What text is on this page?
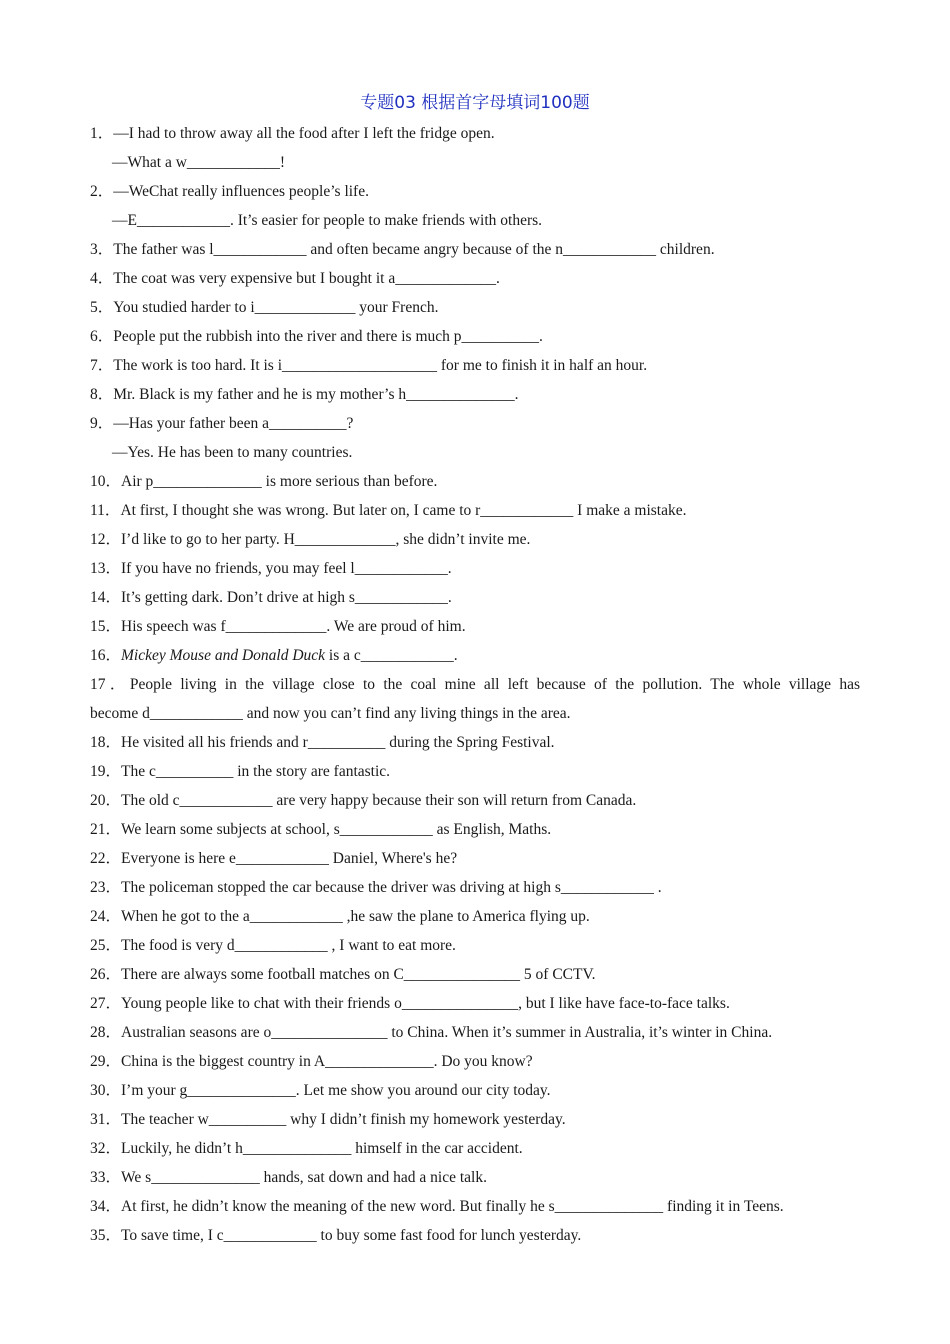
专题03 根据首字母填词100题
1．—I had to throw away all the food after I left the fridge open.
—What a w____________!
2．—WeChat really influences people’s life.
—E____________. It’s easier for people to make friends with others.
3．The father was l____________ and often became angry because of the n____________ children.
4．The coat was very expensive but I bought it a_____________.
5．You studied harder to i_____________ your French.
6．People put the rubbish into the river and there is much p__________.
7．The work is too hard. It is i____________________ for me to finish it in half an hour.
8．Mr. Black is my father and he is my mother’s h______________.
9．—Has your father been a__________?
—Yes. He has been to many countries.
10．Air p______________ is more serious than before.
11．At first, I thought she was wrong. But later on, I came to r____________ I make a mistake.
12．I’d like to go to her party. H_____________, she didn’t invite me.
13．If you have no friends, you may feel l____________.
14．It’s getting dark. Don’t drive at high s____________.
15．His speech was f_____________. We are proud of him.
16．Mickey Mouse and Donald Duck is a c____________.
17．People living in the village close to the coal mine all left because of the pollution. The whole village has
become d____________ and now you can’t find any living things in the area.
18．He visited all his friends and r__________ during the Spring Festival.
19．The c__________ in the story are fantastic.
20．The old c____________ are very happy because their son will return from Canada.
21．We learn some subjects at school, s____________ as English, Maths.
22．Everyone is here e____________ Daniel, Where's he?
23．The policeman stopped the car because the driver was driving at high s____________ .
24．When he got to the a____________ ,he saw the plane to America flying up.
25．The food is very d____________ , I want to eat more.
26．There are always some football matches on C_______________ 5 of CCTV.
27．Young people like to chat with their friends o_______________, but I like have face-to-face talks.
28．Australian seasons are o_______________ to China. When it’s summer in Australia, it’s winter in China.
29．China is the biggest country in A______________. Do you know?
30．I’m your g______________. Let me show you around our city today.
31．The teacher w__________ why I didn’t finish my homework yesterday.
32．Luckily, he didn’t h______________ himself in the car accident.
33．We s______________ hands, sat down and had a nice talk.
34．At first, he didn’t know the meaning of the new word. But finally he s______________ finding it in Teens.
35．To save time, I c____________ to buy some fast food for lunch yesterday.
